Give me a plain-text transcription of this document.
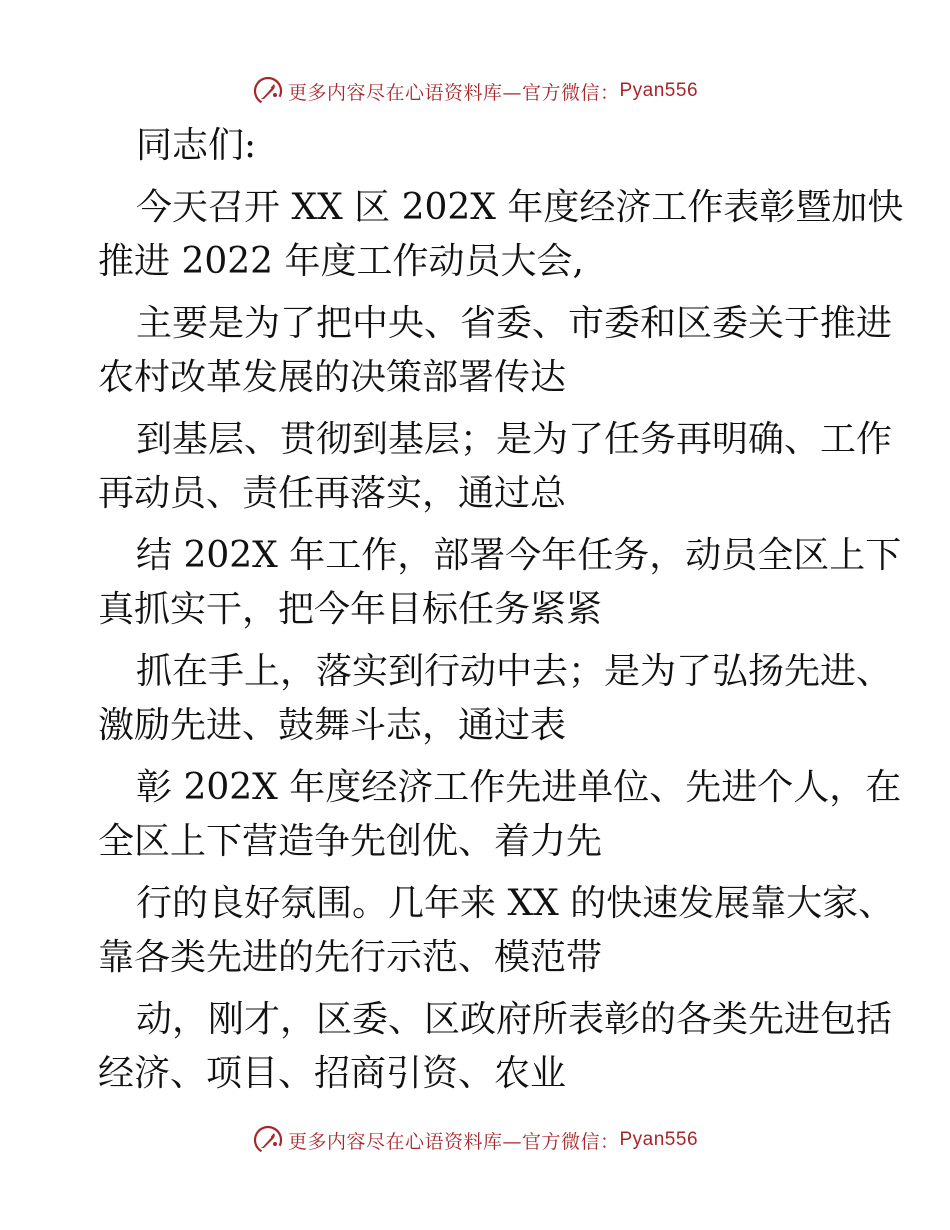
更多内容尽在心语资料库—官方微信： Pyan556
同志们:
今天召开 XX 区 202X 年度经济工作表彰暨加快
推进 2022 年度工作动员大会,
主要是为了把中央、省委、市委和区委关于推进
农村改革发展的决策部署传达
到基层、贯彻到基层；是为了任务再明确、工作
再动员、责任再落实，通过总
结 202X 年工作，部署今年任务，动员全区上下
真抓实干，把今年目标任务紧紧
抓在手上，落实到行动中去；是为了弘扬先进、
激励先进、鼓舞斗志，通过表
彰 202X 年度经济工作先进单位、先进个人，在
全区上下营造争先创优、着力先
行的良好氛围。几年来 XX 的快速发展靠大家、
靠各类先进的先行示范、模范带
动，刚才，区委、区政府所表彰的各类先进包括
经济、项目、招商引资、农业
更多内容尽在心语资料库—官方微信： Pyan556
